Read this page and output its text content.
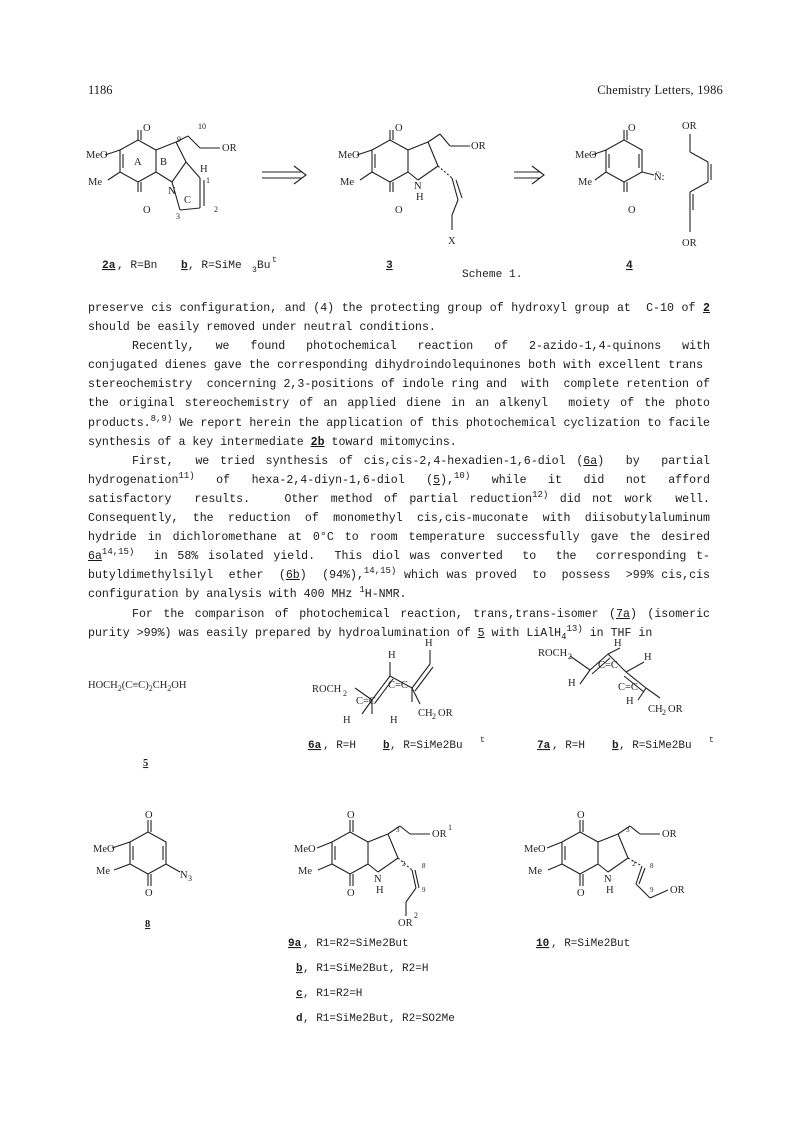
1186	Chemistry Letters, 1986
O
O
MeO
Me
A B
N
C
H
OR
10
9
1
2
3
O
O
MeO
Me	N
H
OR
X
O
O
MeO
Me	N̈:
OR
OR
2a , R=Bn b , R=SiMe 3 Bu t	3
Scheme 1.
4

preserve cis configuration, and (4) the protecting group of hydroxyl group at  C-10 of 2 should be easily removed under neutral conditions.

Recently,  we  found  photochemical  reaction  of  2-azido-1,4-quinons  with conjugated dienes gave the corresponding dihydroindolequinones both with excellent trans  stereochemistry  concerning 2,3-positions of indole ring and  with  complete retention of the original stereochemistry of an applied diene in an alkenyl  moiety of the photo products.$^{8,9)}$ We report herein the application of this photochemical cyclization to facile synthesis of a key intermediate 2b toward mitomycins.

First,  we tried synthesis of cis,cis-2,4-hexadien-1,6-diol (6a)  by  partial hydrogenation$^{11)}$  of  hexa-2,4-diyn-1,6-diol  (5),$^{10)}$  while  it  did  not  afford satisfactory  results.   Other method of partial reduction$^{12)}$ did not work  well. Consequently, the reduction of monomethyl cis,cis-muconate with diisobutylaluminum hydride in dichloromethane at 0°C to room temperature successfully gave the desired $6a^{14,15)}$  in 58% isolated yield.  This diol was converted  to  the  corresponding t-butyldimethylsilyl  ether  (6b)  (94%),$^{14,15)}$ which was proved  to  possess  >99% cis,cis configuration by analysis with 400 MHz $^1$H-NMR.

For the comparison of photochemical reaction, trans,trans-isomer (7a) (isomeric purity >99%) was easily prepared by hydroalumination of 5 with LiAlH$_4^{13)}$ in THF in

$HOCH_2(C\equiv C)_2CH_2OH$
5
H
H
ROCH 2
C=C
C=C
H	H
CH 2 OR
ROCH 2
H
H
C=C
C=C
H
H
CH 2 OR
O
O
MeO
Me	N 3
8
O
O
MeO
Me
N
H
OR
1
OR
2
3
2 8
9
O
O
MeO
Me
N
H
OR
OR
3
2 8
9
6a , R=H b , R=SiMe2Bu t	7a , R=H b , R=SiMe2Bu t
9a , R1=R2=SiMe2But
b , R1=SiMe2But, R2=H
c , R1=R2=H
d , R1=SiMe2But, R2=SO2Me
10 , R=SiMe2But
